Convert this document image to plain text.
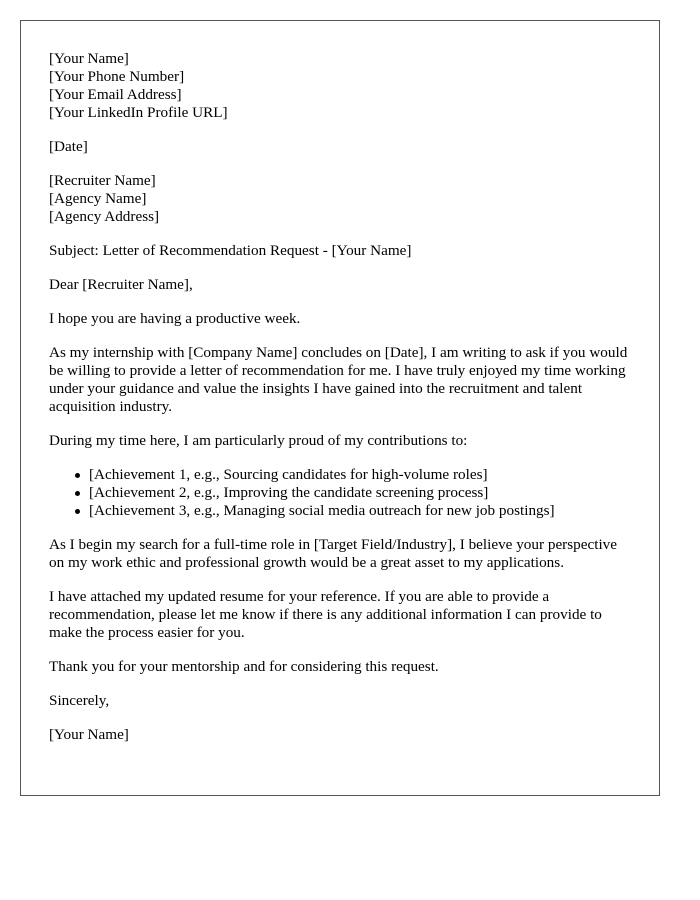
[Your Name]
[Your Phone Number]
[Your Email Address]
[Your LinkedIn Profile URL]

[Date]

[Recruiter Name]
[Agency Name]
[Agency Address]

Subject: Letter of Recommendation Request - [Your Name]

Dear [Recruiter Name],

I hope you are having a productive week.

As my internship with [Company Name] concludes on [Date], I am writing to ask if you would be willing to provide a letter of recommendation for me. I have truly enjoyed my time working under your guidance and value the insights I have gained into the recruitment and talent acquisition industry.

During my time here, I am particularly proud of my contributions to:

[Achievement 1, e.g., Sourcing candidates for high-volume roles]
[Achievement 2, e.g., Improving the candidate screening process]
[Achievement 3, e.g., Managing social media outreach for new job postings]

As I begin my search for a full-time role in [Target Field/Industry], I believe your perspective on my work ethic and professional growth would be a great asset to my applications.

I have attached my updated resume for your reference. If you are able to provide a recommendation, please let me know if there is any additional information I can provide to make the process easier for you.

Thank you for your mentorship and for considering this request.

Sincerely,

[Your Name]
